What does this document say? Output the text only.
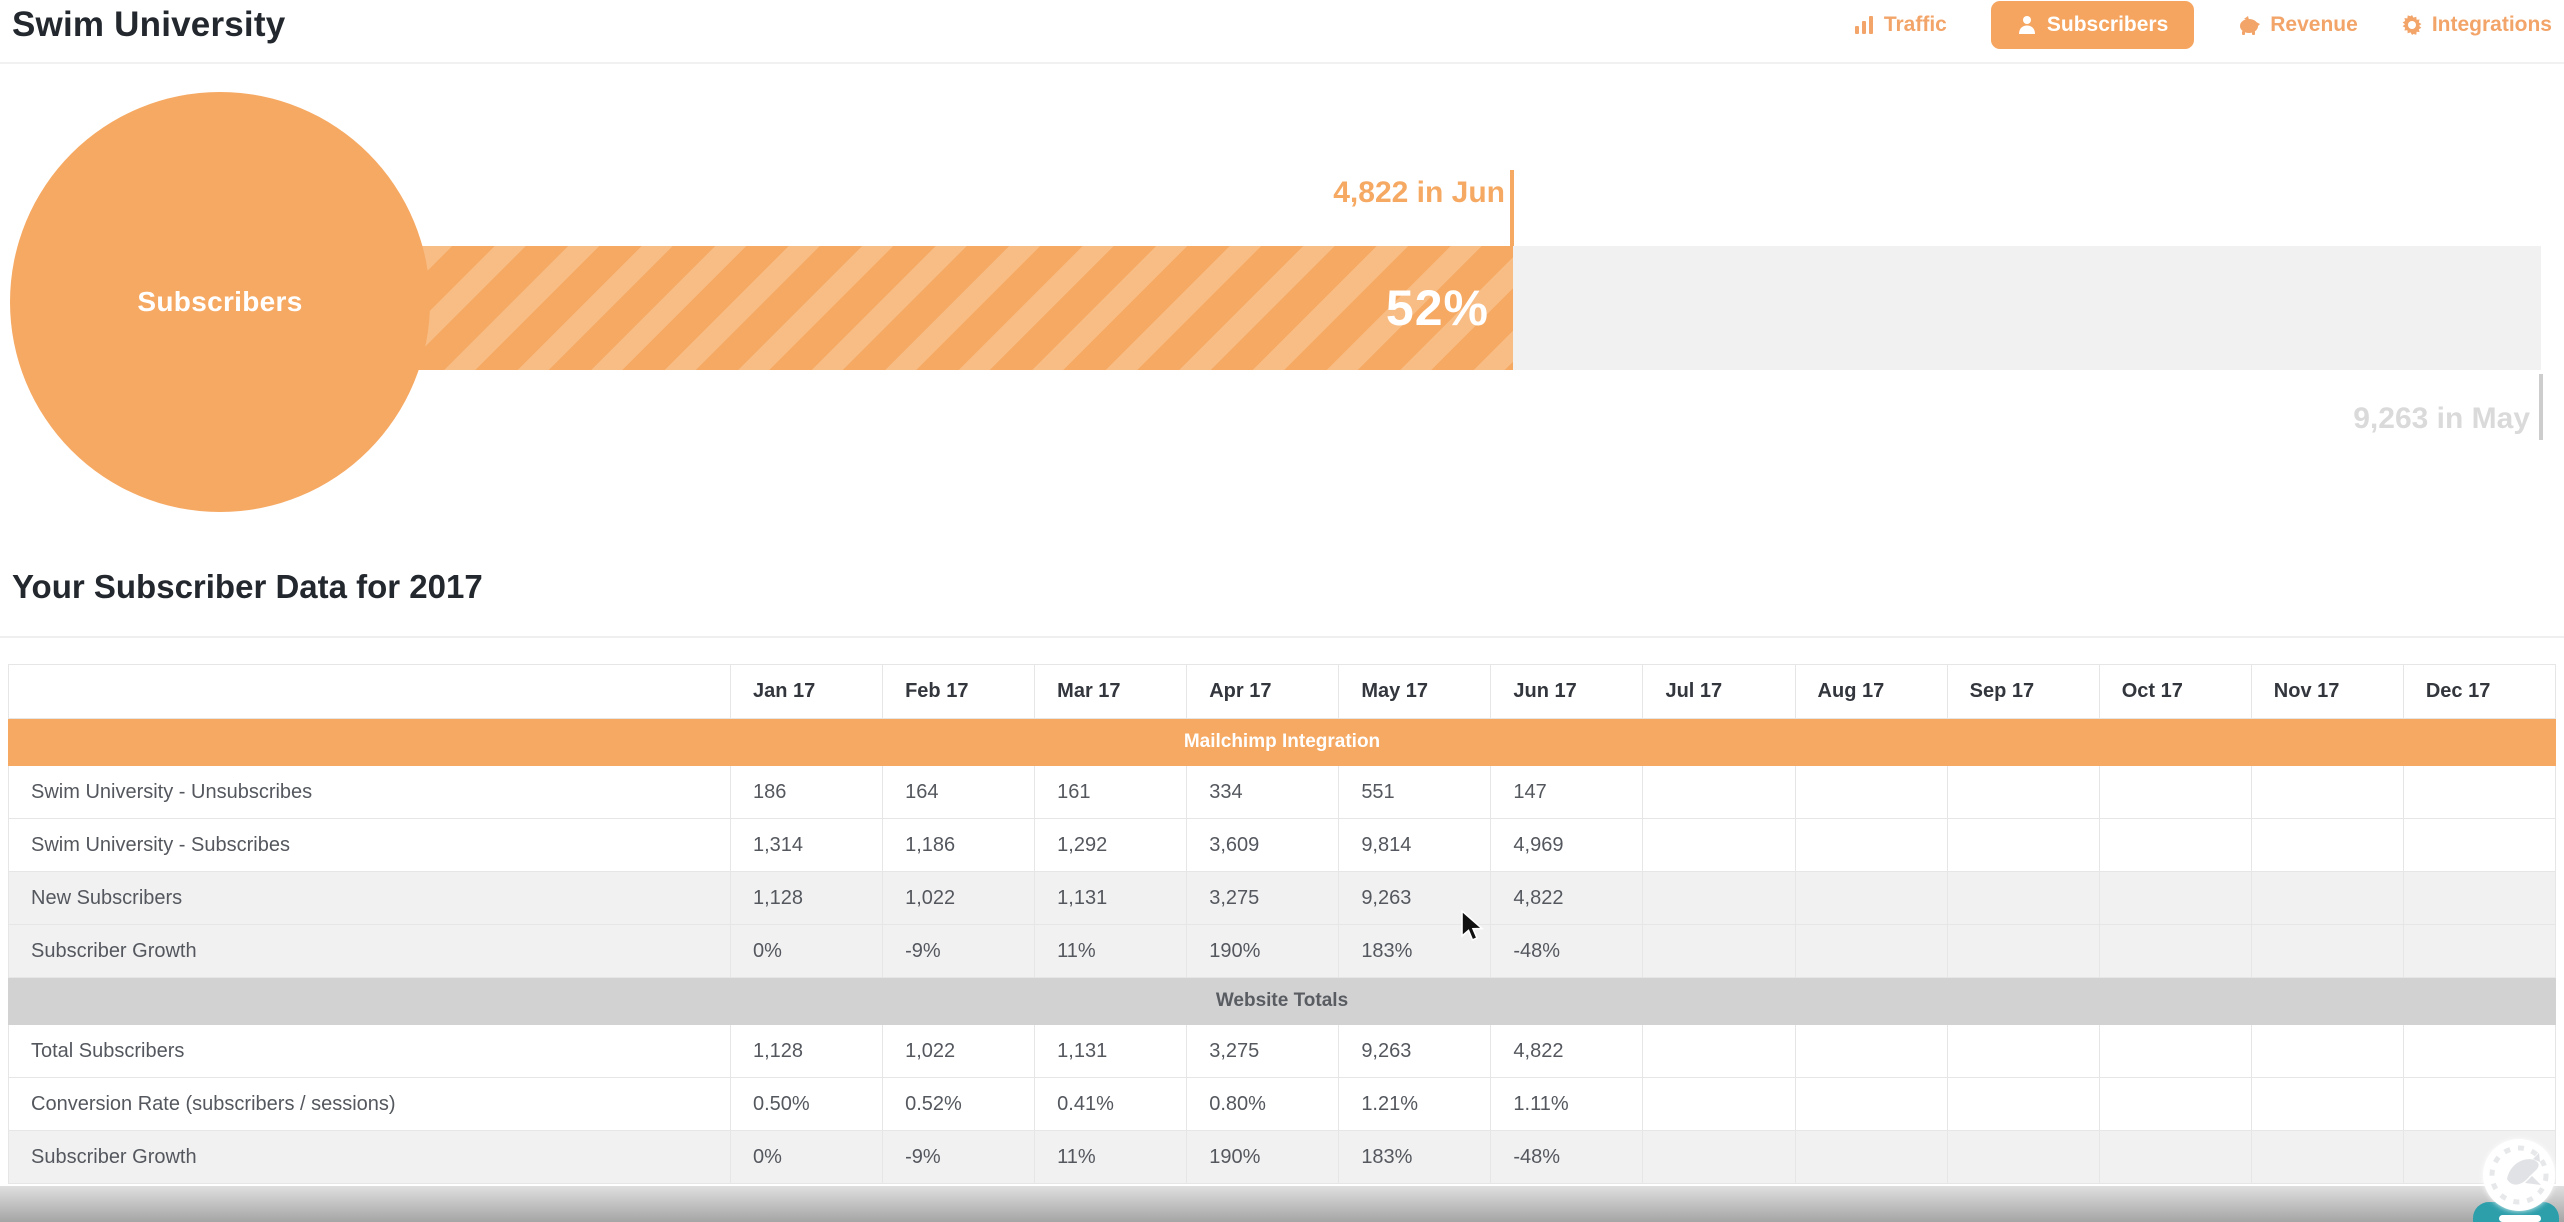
Swim University	Traffic	Subscribers	Revenue	Integrations
52%
4,822 in Jun
9,263 in May
Subscribers
Your Subscriber Data for 2017
	Jan 17	Feb 17	Mar 17	Apr 17	May 17	Jun 17	Jul 17	Aug 17	Sep 17	Oct 17	Nov 17	Dec 17
Mailchimp Integration												
Swim University - Unsubscribes	186	164	161	334	551	147						
Swim University - Subscribes	1,314	1,186	1,292	3,609	9,814	4,969						
New Subscribers	1,128	1,022	1,131	3,275	9,263	4,822						
Subscriber Growth	0%	-9%	11%	190%	183%	-48%						
Website Totals												
Total Subscribers	1,128	1,022	1,131	3,275	9,263	4,822						
Conversion Rate (subscribers / sessions)	0.50%	0.52%	0.41%	0.80%	1.21%	1.11%						
Subscriber Growth	0%	-9%	11%	190%	183%	-48%						
